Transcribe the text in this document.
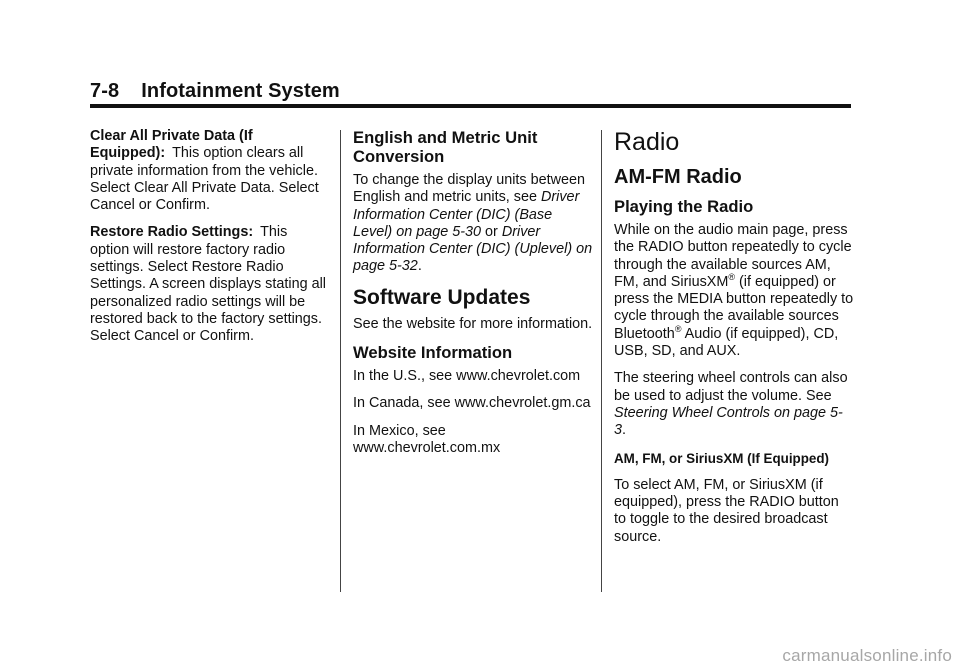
7-8 Infotainment System

Clear All Private Data (If Equipped): This option clears all private information from the vehicle. Select Clear All Private Data. Select Cancel or Confirm.

Restore Radio Settings: This option will restore factory radio settings. Select Restore Radio Settings. A screen displays stating all personalized radio settings will be restored back to the factory settings. Select Cancel or Confirm.

English and Metric Unit Conversion

To change the display units between English and metric units, see Driver Information Center (DIC) (Base Level) on page 5-30 or Driver Information Center (DIC) (Uplevel) on page 5-32.

Software Updates

See the website for more information.

Website Information

In the U.S., see www.chevrolet.com

In Canada, see www.chevrolet.gm.ca

In Mexico, see www.chevrolet.com.mx

Radio
AM-FM Radio
Playing the Radio

While on the audio main page, press the RADIO button repeatedly to cycle through the available sources AM, FM, and SiriusXM® (if equipped) or press the MEDIA button repeatedly to cycle through the available sources Bluetooth® Audio (if equipped), CD, USB, SD, and AUX.

The steering wheel controls can also be used to adjust the volume. See Steering Wheel Controls on page 5-3.

AM, FM, or SiriusXM (If Equipped)

To select AM, FM, or SiriusXM (if equipped), press the RADIO button to toggle to the desired broadcast source.

carmanualsonline.info
